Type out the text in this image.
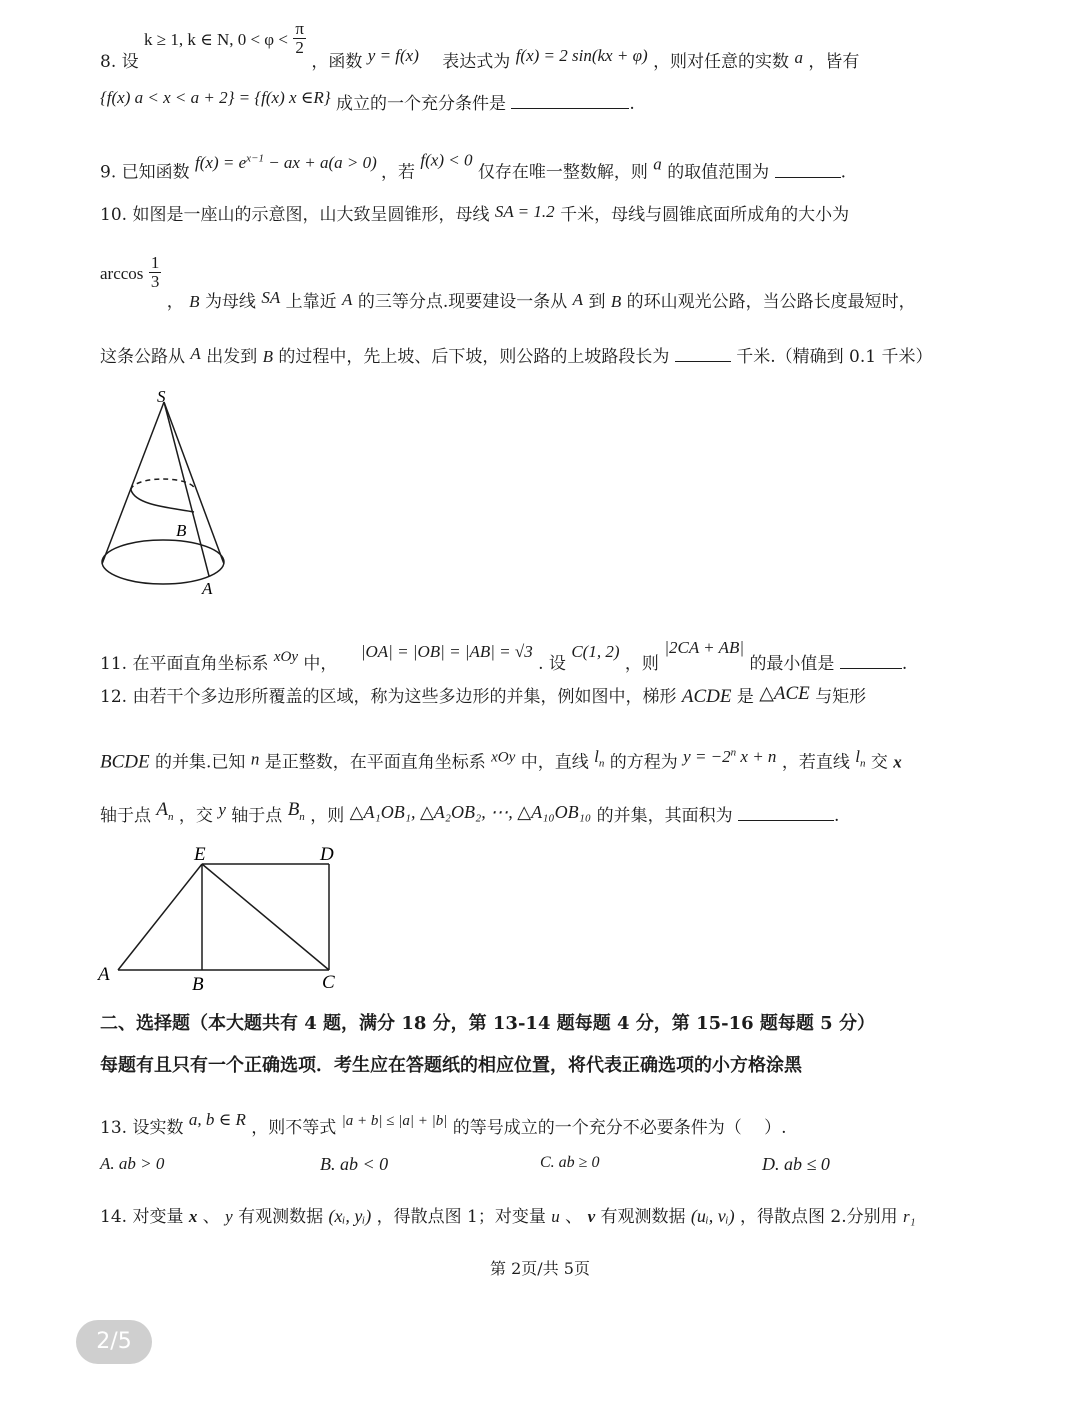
8. 设 k ≥ 1, k ∈ N, $0 < \varphi < \frac{\pi}{2}$
，函数 y = f(x) 表达式为 f(x) = 2 sin(kx + φ) ，则对任意的实数 a ，皆有
{f(x) a < x < a + 2} = {f(x) x ∈R} 成立的一个充分条件是	.
9. 已知函数 $f(x) = e^{x-1}$ − ax + a(a > 0) ，若 f(x) < 0 仅存在唯一整数解，则 a 的取值范围为	.
10. 如图是一座山的示意图，山大致呈圆锥形，母线 SA = 1.2 千米，母线与圆锥底面所成角的大小为
$\arccos \frac{1}{3}$
， B 为母线 SA 上靠近 A 的三等分点.现要建设一条从 A 到 B 的环山观光公路，当公路长度最短时，
这条公路从 A 出发到 B 的过程中，先上坡、后下坡，则公路的上坡路段长为	千米.（精确到 0.1 千米）
S
B
A
11. 在平面直角坐标系 xOy 中， |OA| = |OB| = |AB| = √3 . 设 C(1, 2) ，则 |2CA + AB| 的最小值是	.
12. 由若干个多边形所覆盖的区域，称为这些多边形的并集，例如图中，梯形 ACDE 是 △ACE 与矩形
BCDE 的并集.已知 n 是正整数，在平面直角坐标系 xOy 中，直线 $l_n$ 的方程为 $y = -2^n$ x + n ，若直线 $l_n$ 交 x
轴于点 $A_n$ ，交 y 轴于点 $B_n$ ，则 △A₁OB₁, △A₂OB₂, ⋯, △A₁₀OB₁₀ 的并集，其面积为	.
E	D
A	B	C
二、选择题（本大题共有 4 题，满分 18 分，第 13-14 题每题 4 分，第 15-16 题每题 5 分）
每题有且只有一个正确选项．考生应在答题纸的相应位置，将代表正确选项的小方格涂黑
13. 设实数 a, b ∈ R ，则不等式 |a + b| ≤ |a| + |b| 的等号成立的一个充分不必要条件为（　 ）.
A. ab > 0	B. ab < 0	C. ab ≥ 0	D. ab ≤ 0
14. 对变量 x 、 y 有观测数据 (xᵢ, yᵢ) ，得散点图 1；对变量 u 、 v 有观测数据 (uᵢ, vᵢ) ，得散点图 2.分别用 r₁
第 2页/共 5页
2/5
